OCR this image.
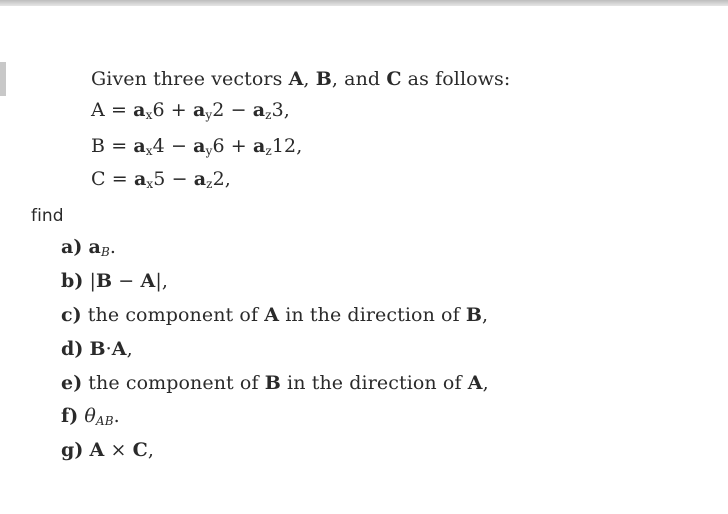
Given three vectors A, B, and C as follows:
$A = a_x6 + a_y2 - a_z3$,
$B = a_x4 - a_y6 + a_z12$,
$C = a_x5 - a_z2$,
find
a) $a_B$.
b) |B − A|,
c) the component of A in the direction of B,
d) B·A,
e) the component of B in the direction of A,
f) $\theta_{AB}$.
g) A × C,
